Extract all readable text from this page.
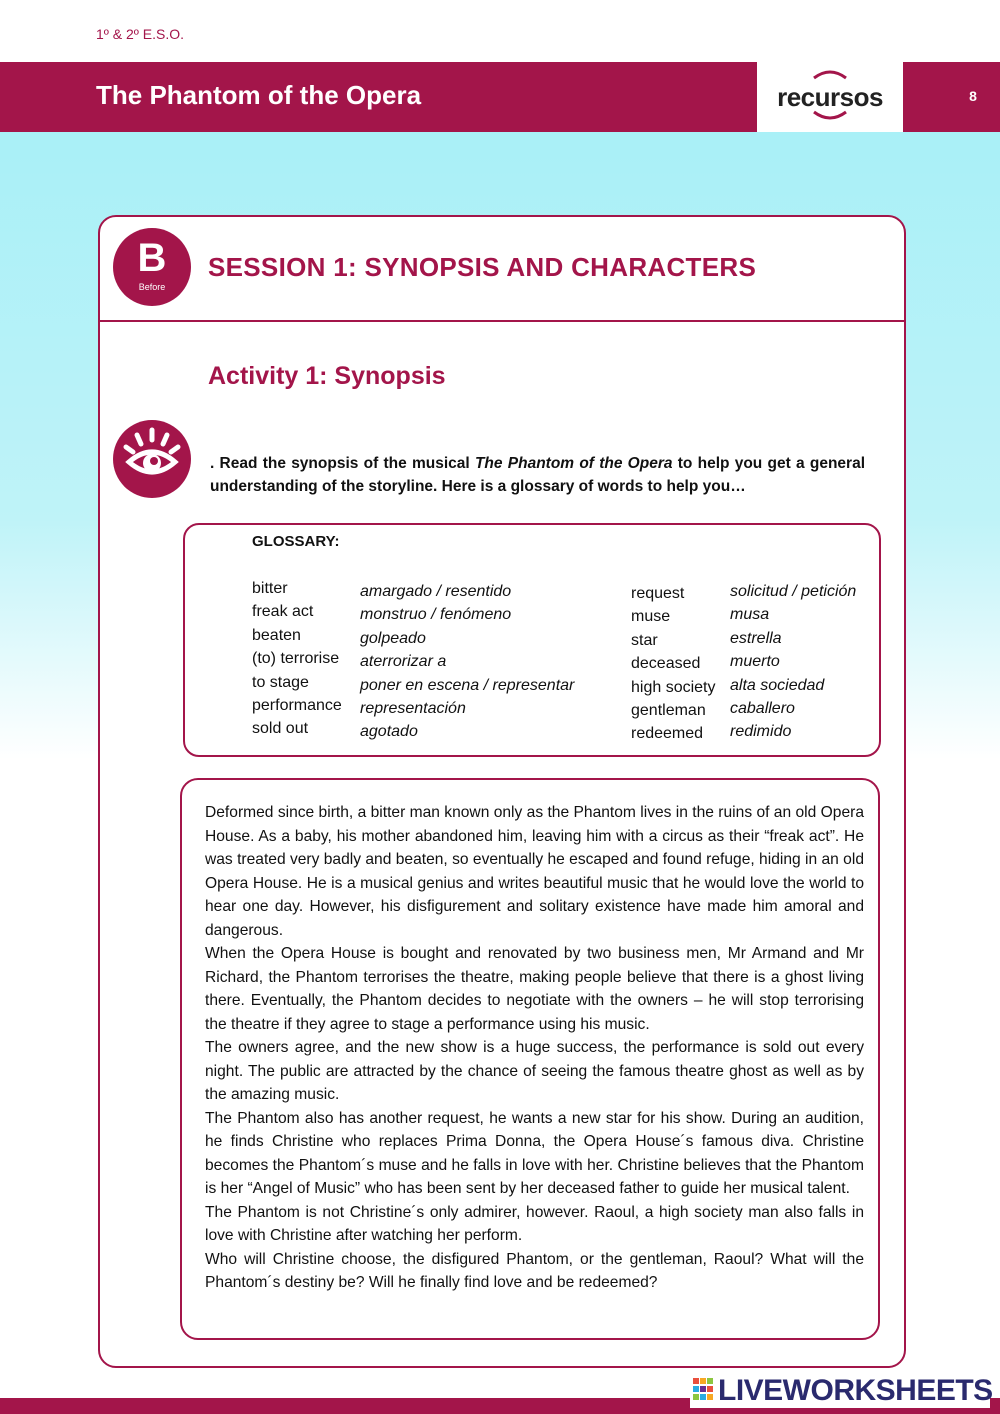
1º & 2º E.S.O.
The Phantom of the Opera	recursos	8
B
Before
SESSION 1: SYNOPSIS AND CHARACTERS
Activity 1: Synopsis
. Read the synopsis of the musical The Phantom of the Opera to help you get a general understanding of the storyline. Here is a glossary of words to help you…
GLOSSARY:
bitter
freak act
beaten
(to) terrorise
to stage
performance
sold out
amargado / resentido
monstruo / fenómeno
golpeado
aterrorizar a
poner en escena / representar
representación
agotado
request
muse
star
deceased
high society
gentleman
redeemed
solicitud / petición
musa
estrella
muerto
alta sociedad
caballero
redimido

Deformed since birth, a bitter man known only as the Phantom lives in the ruins of an old Opera House. As a baby, his mother abandoned him, leaving him with a circus as their “freak act”. He was treated very badly and beaten, so eventually he escaped and found refuge, hiding in an old Opera House. He is a musical genius and writes beautiful music that he would love the world to hear one day. However, his disfigurement and solitary existence have made him amoral and dangerous.

When the Opera House is bought and renovated by two business men, Mr Armand and Mr Richard, the Phantom terrorises the theatre, making people believe that there is a ghost living there. Eventually, the Phantom decides to negotiate with the owners – he will stop terrorising the theatre if they agree to stage a performance using his music.

The owners agree, and the new show is a huge success, the performance is sold out every night. The public are attracted by the chance of seeing the famous theatre ghost as well as by the amazing music.

The Phantom also has another request, he wants a new star for his show. During an audition, he finds Christine who replaces Prima Donna, the Opera House´s famous diva. Christine becomes the Phantom´s muse and he falls in love with her. Christine believes that the Phantom is her “Angel of Music” who has been sent by her deceased father to guide her musical talent.

The Phantom is not Christine´s only admirer, however. Raoul, a high society man also falls in love with Christine after watching her perform.

Who will Christine choose, the disfigured Phantom, or the gentleman, Raoul? What will the Phantom´s destiny be? Will he finally find love and be redeemed?

LIVEWORKSHEETS
